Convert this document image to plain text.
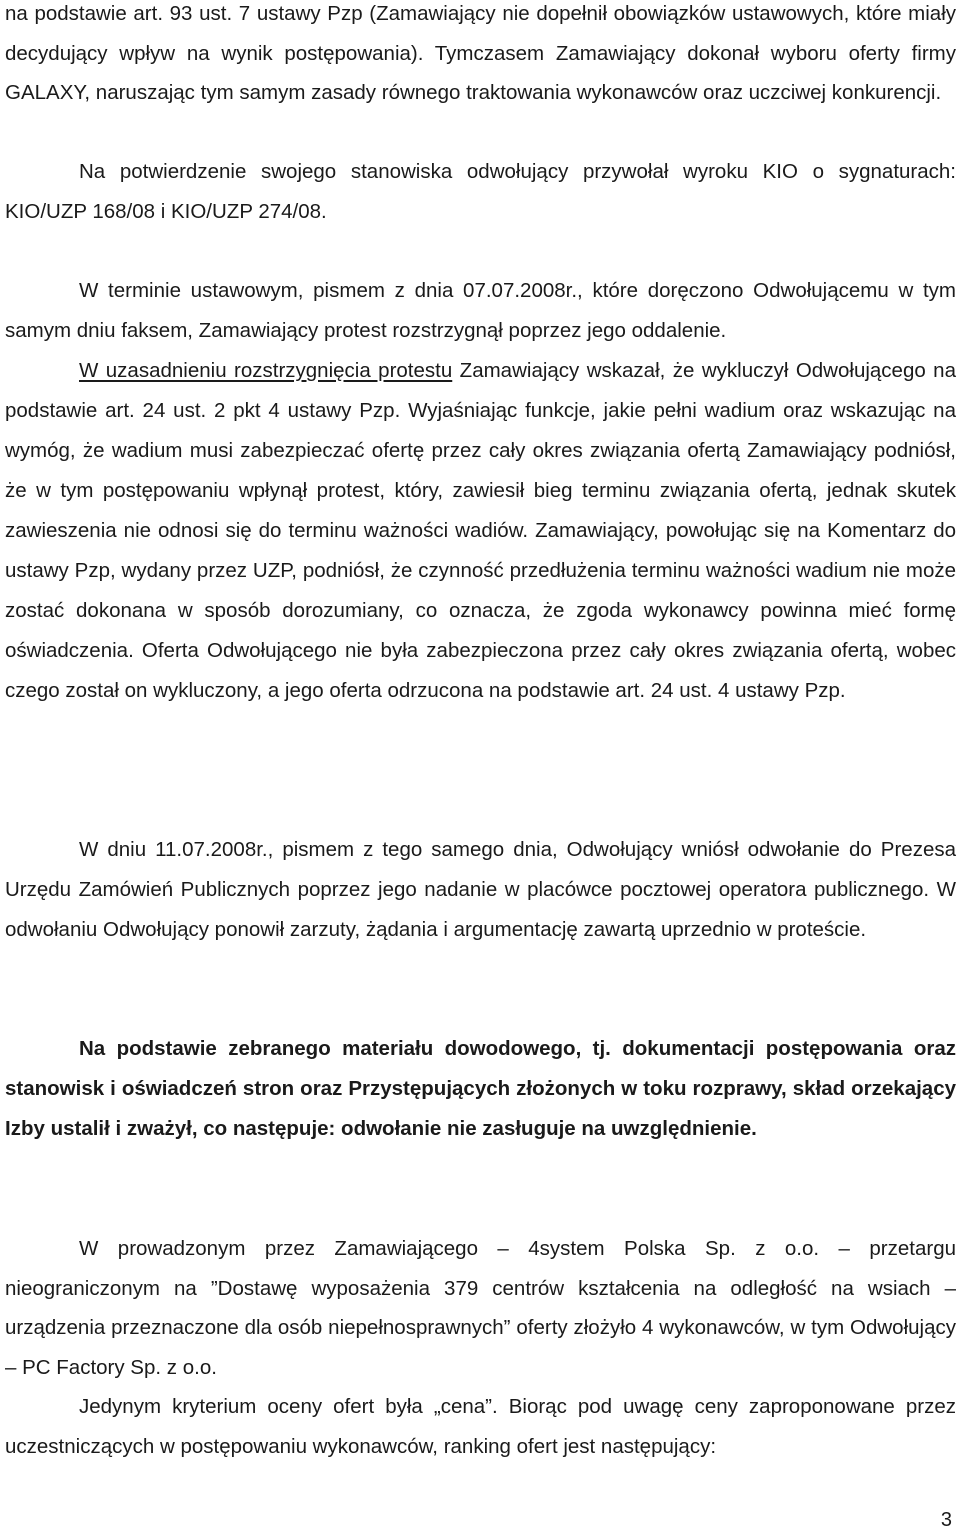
na podstawie art. 93 ust. 7 ustawy Pzp (Zamawiający nie dopełnił obowiązków ustawowych, które miały decydujący wpływ na wynik postępowania). Tymczasem Zamawiający dokonał wyboru oferty firmy GALAXY, naruszając tym samym zasady równego traktowania wykonawców oraz uczciwej konkurencji.

Na potwierdzenie swojego stanowiska odwołujący przywołał wyroku KIO o sygnaturach: KIO/UZP 168/08 i KIO/UZP 274/08.

W terminie ustawowym, pismem z dnia 07.07.2008r., które doręczono Odwołującemu w tym samym dniu faksem, Zamawiający protest rozstrzygnął poprzez jego oddalenie.

W uzasadnieniu rozstrzygnięcia protestu Zamawiający wskazał, że wykluczył Odwołującego na podstawie art. 24 ust. 2 pkt 4 ustawy Pzp. Wyjaśniając funkcje, jakie pełni wadium oraz wskazując na wymóg, że wadium musi zabezpieczać ofertę przez cały okres związania ofertą Zamawiający podniósł, że w tym postępowaniu wpłynął protest, który, zawiesił bieg terminu związania ofertą, jednak skutek zawieszenia nie odnosi się do terminu ważności wadiów. Zamawiający, powołując się na Komentarz do ustawy Pzp, wydany przez UZP, podniósł, że czynność przedłużenia terminu ważności wadium nie może zostać dokonana w sposób dorozumiany, co oznacza, że zgoda wykonawcy powinna mieć formę oświadczenia. Oferta Odwołującego nie była zabezpieczona przez cały okres związania ofertą, wobec czego został on wykluczony, a jego oferta odrzucona na podstawie art. 24 ust. 4 ustawy Pzp.

W dniu 11.07.2008r., pismem z tego samego dnia, Odwołujący wniósł odwołanie do Prezesa Urzędu Zamówień Publicznych poprzez jego nadanie w placówce pocztowej operatora publicznego. W odwołaniu Odwołujący ponowił zarzuty, żądania i argumentację zawartą uprzednio w proteście.

Na podstawie zebranego materiału dowodowego, tj. dokumentacji postępowania oraz stanowisk i oświadczeń stron oraz Przystępujących złożonych w toku rozprawy, skład orzekający Izby ustalił i zważył, co następuje: odwołanie nie zasługuje na uwzględnienie.

W prowadzonym przez Zamawiającego – 4system Polska Sp. z o.o. – przetargu nieograniczonym na ”Dostawę wyposażenia 379 centrów kształcenia na odległość na wsiach – urządzenia przeznaczone dla osób niepełnosprawnych” oferty złożyło 4 wykonawców, w tym Odwołujący – PC Factory Sp. z o.o.

Jedynym kryterium oceny ofert była „cena”. Biorąc pod uwagę ceny zaproponowane przez uczestniczących w postępowaniu wykonawców, ranking ofert jest następujący:

3
